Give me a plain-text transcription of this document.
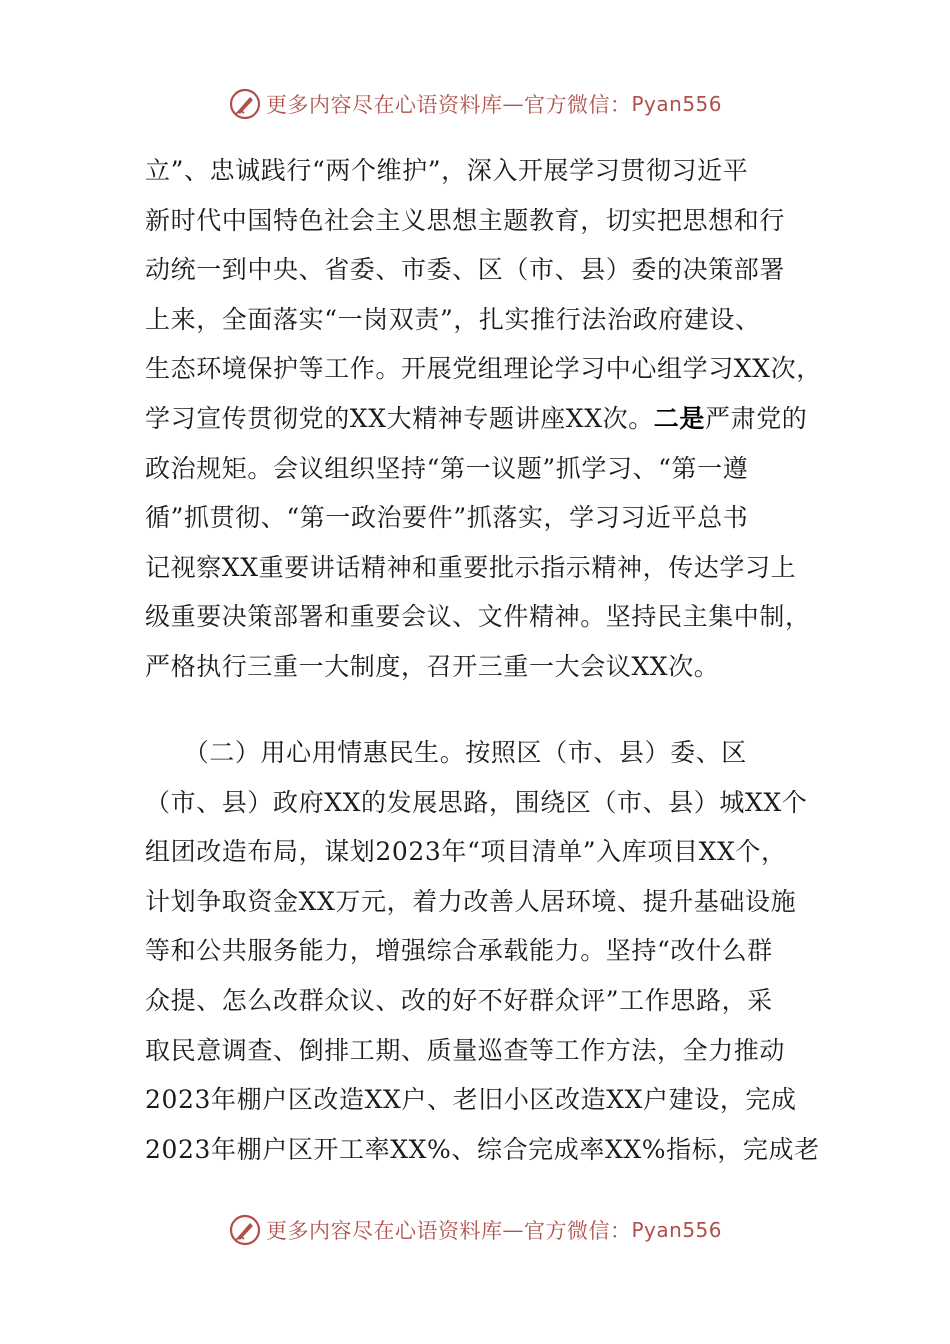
更多内容尽在心语资料库 — 官方微信： Pyan556
立”、忠诚践行“两个维护”，深入开展学习贯彻习近平
新时代中国特色社会主义思想主题教育，切实把思想和行
动统一到中央、省委、市委、区（市、县）委的决策部署
上来，全面落实“一岗双责”，扎实推行法治政府建设、
生态环境保护等工作。开展党组理论学习中心组学习XX次，
学习宣传贯彻党的XX大精神专题讲座XX次。二是严肃党的
政治规矩。会议组织坚持“第一议题”抓学习、“第一遵
循”抓贯彻、“第一政治要件”抓落实，学习习近平总书
记视察XX重要讲话精神和重要批示指示精神，传达学习上
级重要决策部署和重要会议、文件精神。坚持民主集中制，
严格执行三重一大制度，召开三重一大会议XX次。
　　（二）用心用情惠民生。按照区（市、县）委、区
（市、县）政府XX的发展思路，围绕区（市、县）城XX个
组团改造布局，谋划2023年“项目清单”入库项目XX个，
计划争取资金XX万元，着力改善人居环境、提升基础设施
等和公共服务能力，增强综合承载能力。坚持“改什么群
众提、怎么改群众议、改的好不好群众评”工作思路，采
取民意调查、倒排工期、质量巡查等工作方法，全力推动
2023年棚户区改造XX户、老旧小区改造XX户建设，完成
2023年棚户区开工率XX%、综合完成率XX%指标，完成老
更多内容尽在心语资料库 — 官方微信： Pyan556
